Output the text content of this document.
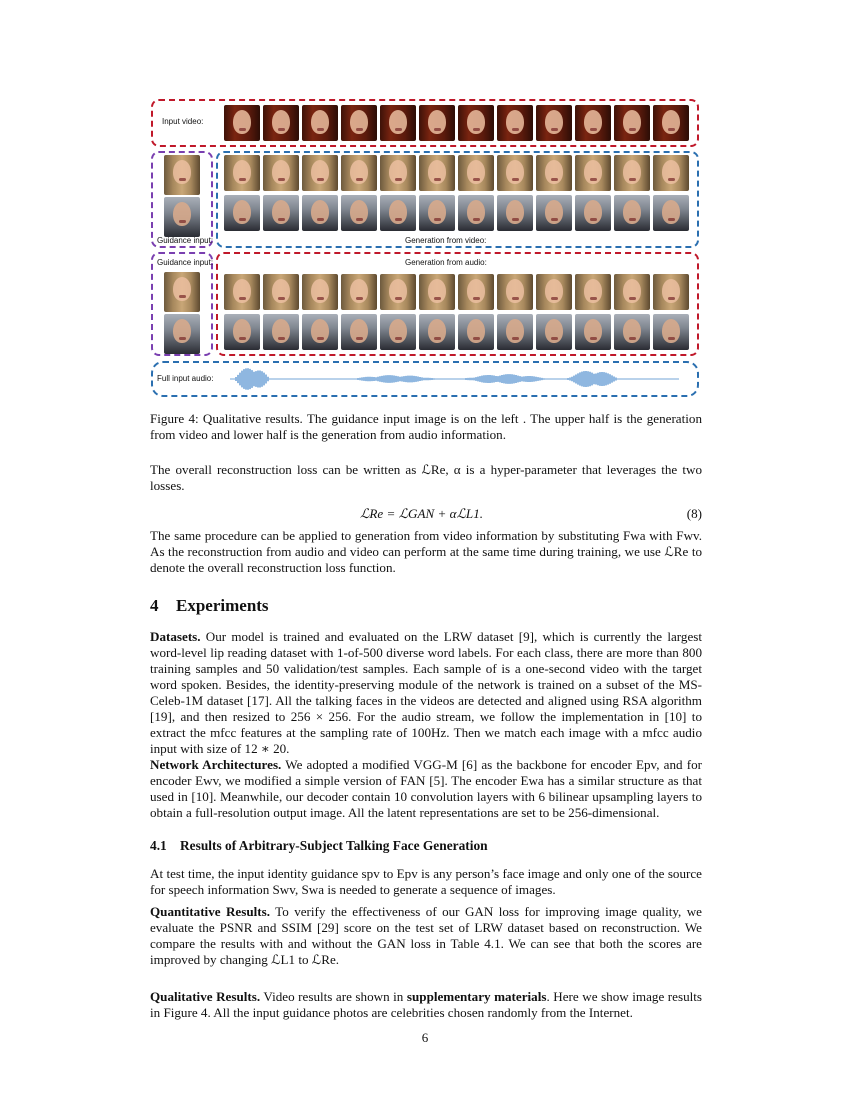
Input video:
Guidance input:	Generation from video:
Guidance input:	Generation from audio:
Full input audio:

Figure 4: Qualitative results. The guidance input image is on the left . The upper half is the generation from video and lower half is the generation from audio information.

The overall reconstruction loss can be written as ℒRe, α is a hyper-parameter that leverages the two losses.

ℒRe = ℒGAN + αℒL1.	(8)

The same procedure can be applied to generation from video information by substituting Fwa with Fwv. As the reconstruction from audio and video can perform at the same time during training, we use ℒRe to denote the overall reconstruction loss function.

4 Experiments

Datasets. Our model is trained and evaluated on the LRW dataset [9], which is currently the largest word-level lip reading dataset with 1-of-500 diverse word labels. For each class, there are more than 800 training samples and 50 validation/test samples. Each sample of is a one-second video with the target word spoken. Besides, the identity-preserving module of the network is trained on a subset of the MS-Celeb-1M dataset [17]. All the talking faces in the videos are detected and aligned using RSA algorithm [19], and then resized to 256 × 256. For the audio stream, we follow the implementation in [10] to extract the mfcc features at the sampling rate of 100Hz. Then we match each image with a mfcc audio input with size of 12 ∗ 20.

Network Architectures. We adopted a modified VGG-M [6] as the backbone for encoder Epv, and for encoder Ewv, we modified a simple version of FAN [5]. The encoder Ewa has a similar structure as that used in [10]. Meanwhile, our decoder contain 10 convolution layers with 6 bilinear upsampling layers to obtain a full-resolution output image. All the latent representations are set to be 256-dimensional.

4.1 Results of Arbitrary-Subject Talking Face Generation

At test time, the input identity guidance spv to Epv is any person’s face image and only one of the source for speech information Swv, Swa is needed to generate a sequence of images.

Quantitative Results. To verify the effectiveness of our GAN loss for improving image quality, we evaluate the PSNR and SSIM [29] score on the test set of LRW dataset based on reconstruction. We compare the results with and without the GAN loss in Table 4.1. We can see that both the scores are improved by changing ℒL1 to ℒRe.

Qualitative Results. Video results are shown in supplementary materials. Here we show image results in Figure 4. All the input guidance photos are celebrities chosen randomly from the Internet.

6
